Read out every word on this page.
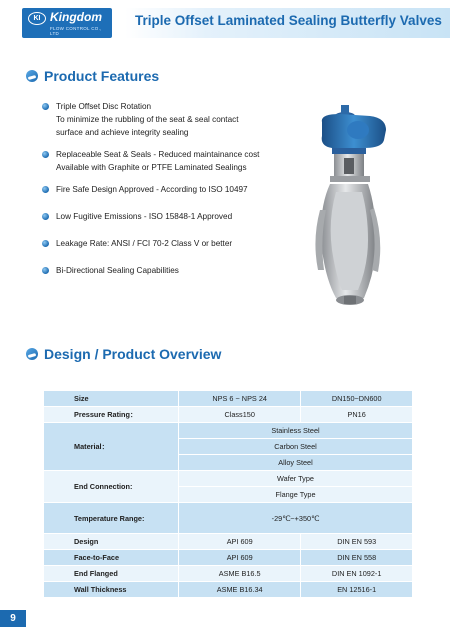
KI Kingdom
FLOW CONTROL CO., LTD
Triple Offset Laminated Sealing Butterfly Valves
Product Features
Triple Offset Disc Rotation
To minimize the rubbling of the seat & seal contact
surface and achieve integrity sealing
Replaceable Seat & Seals - Reduced maintainance cost
Available with Graphite or PTFE Laminated Sealings
Fire Safe Design Approved - According to ISO 10497
Low Fugitive Emissions - ISO 15848-1 Approved
Leakage Rate: ANSI / FCI 70-2 Class V or better
Bi-Directional Sealing Capabilities
Design / Product Overview
Size	NPS 6 ~ NPS 24	DN150~DN600
Pressure Rating：	Class150	PN16
Material：	Stainless Steel	
	Carbon Steel	
	Alloy Steel	
End Connection:	Wafer Type	
	Flange Type	
Temperature Range:	-29℃~+350℃	
Design	API 609	DIN EN 593
Face-to-Face	API 609	DIN EN 558
End Flanged	ASME B16.5	DIN EN 1092-1
Wall Thickness	ASME B16.34	EN 12516-1
9
